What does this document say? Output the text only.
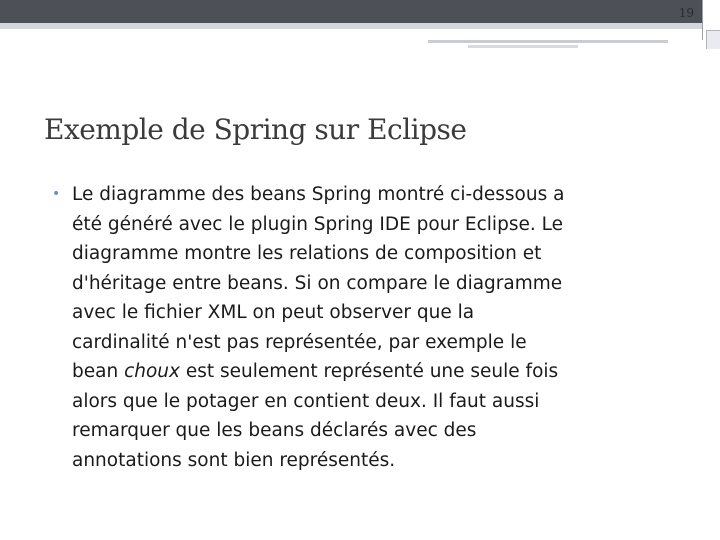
19
Exemple de Spring sur Eclipse
• Le diagramme des beans Spring montré ci-dessous a
été généré avec le plugin Spring IDE pour Eclipse. Le
diagramme montre les relations de composition et
d'héritage entre beans. Si on compare le diagramme
avec le fichier XML on peut observer que la
cardinalité n'est pas représentée, par exemple le
bean choux est seulement représenté une seule fois
alors que le potager en contient deux. Il faut aussi
remarquer que les beans déclarés avec des
annotations sont bien représentés.
